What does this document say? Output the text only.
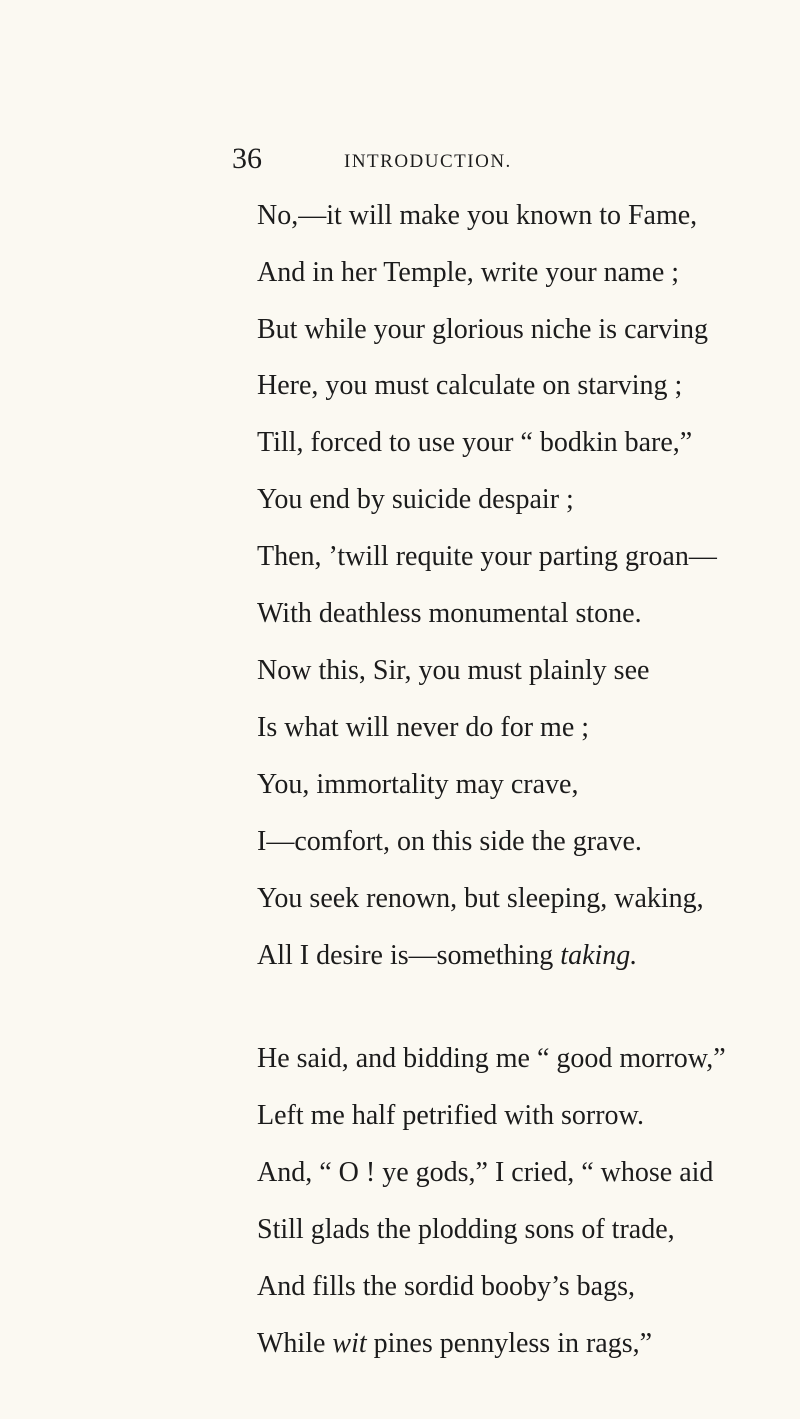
36	INTRODUCTION.
No,—it will make you known to Fame,
And in her Temple, write your name ;
But while your glorious niche is carving
Here, you must calculate on starving ;
Till, forced to use your “ bodkin bare,”
You end by suicide despair ;
Then, ’twill requite your parting groan—
With deathless monumental stone.
Now this, Sir, you must plainly see
Is what will never do for me ;
You, immortality may crave,
I—comfort, on this side the grave.
You seek renown, but sleeping, waking,
All I desire is—something taking.
He said, and bidding me “ good morrow,”
Left me half petrified with sorrow.
And, “ O ! ye gods,” I cried, “ whose aid
Still glads the plodding sons of trade,
And fills the sordid booby’s bags,
While wit pines pennyless in rags,”
